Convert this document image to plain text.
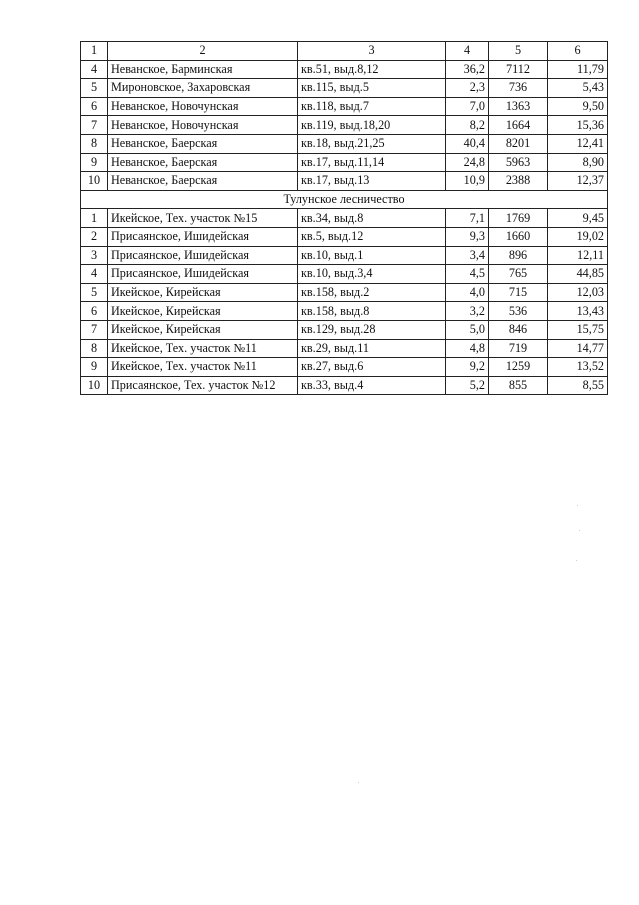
1	2	3	4	5	6
4	Неванское, Барминская	кв.51, выд.8,12	36,2	7112	11,79
5	Мироновское, Захаровская	кв.115, выд.5	2,3	736	5,43
6	Неванское, Новочунская	кв.118, выд.7	7,0	1363	9,50
7	Неванское, Новочунская	кв.119, выд.18,20	8,2	1664	15,36
8	Неванское, Баерская	кв.18, выд.21,25	40,4	8201	12,41
9	Неванское, Баерская	кв.17, выд.11,14	24,8	5963	8,90
10	Неванское, Баерская	кв.17, выд.13	10,9	2388	12,37
Тулунское лесничество					
1	Икейское, Тех. участок №15	кв.34, выд.8	7,1	1769	9,45
2	Присаянское, Ишидейская	кв.5, выд.12	9,3	1660	19,02
3	Присаянское, Ишидейская	кв.10, выд.1	3,4	896	12,11
4	Присаянское, Ишидейская	кв.10, выд.3,4	4,5	765	44,85
5	Икейское, Кирейская	кв.158, выд.2	4,0	715	12,03
6	Икейское, Кирейская	кв.158, выд.8	3,2	536	13,43
7	Икейское, Кирейская	кв.129, выд.28	5,0	846	15,75
8	Икейское, Тех. участок №11	кв.29, выд.11	4,8	719	14,77
9	Икейское, Тех. участок №11	кв.27, выд.6	9,2	1259	13,52
10	Присаянское, Тех. участок №12	кв.33, выд.4	5,2	855	8,55
